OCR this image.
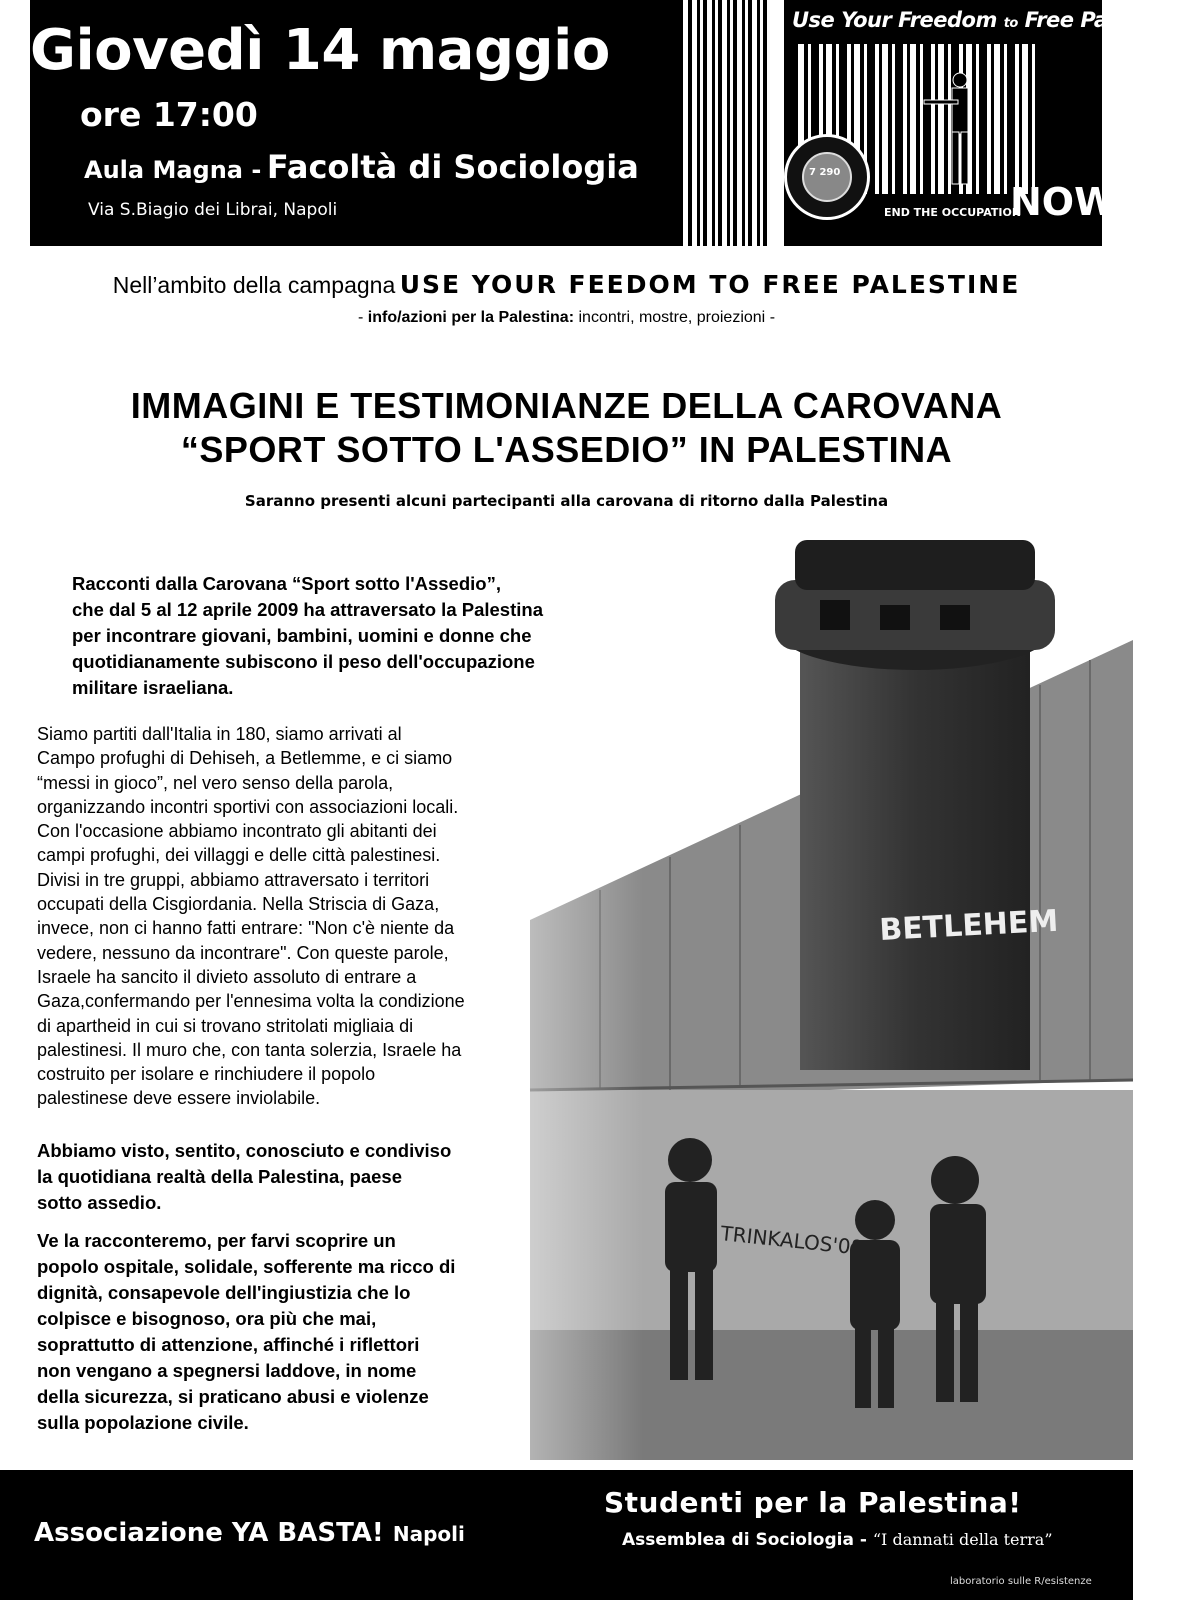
Giovedì 14 maggio
ore 17:00
Aula Magna - Facoltà di Sociologia
Via S.Biagio dei Librai, Napoli
Use Your Freedom to Free Palestine
7 290
END THE OCCUPATION
NOW
Nell’ambito della campagna USE YOUR FEEDOM TO FREE PALESTINE
- info/azioni per la Palestina: incontri, mostre, proiezioni -
IMMAGINI E TESTIMONIANZE DELLA CAROVANA
“SPORT SOTTO L'ASSEDIO” IN PALESTINA
Saranno presenti alcuni partecipanti alla carovana di ritorno dalla Palestina
Racconti dalla Carovana “Sport sotto l'Assedio”,
che dal 5 al 12 aprile 2009 ha attraversato la Palestina
per incontrare giovani, bambini, uomini e donne che
quotidianamente subiscono il peso dell'occupazione
militare israeliana.
Siamo partiti dall'Italia in 180, siamo arrivati al
Campo profughi di Dehiseh, a Betlemme, e ci siamo
“messi in gioco”, nel vero senso della parola,
organizzando incontri sportivi con associazioni locali.
Con l'occasione abbiamo incontrato gli abitanti dei
campi profughi, dei villaggi e delle città palestinesi.
Divisi in tre gruppi, abbiamo attraversato i territori
occupati della Cisgiordania. Nella Striscia di Gaza,
invece, non ci hanno fatti entrare: "Non c'è niente da
vedere, nessuno da incontrare". Con queste parole,
Israele ha sancito il divieto assoluto di entrare a
Gaza,confermando per l'ennesima volta la condizione
di apartheid in cui si trovano stritolati migliaia di
palestinesi. Il muro che, con tanta solerzia, Israele ha
costruito per isolare e rinchiudere il popolo
palestinese deve essere inviolabile.
Abbiamo visto, sentito, conosciuto e condiviso
la quotidiana realtà della Palestina, paese
sotto assedio.
Ve la racconteremo, per farvi scoprire un
popolo ospitale, solidale, sofferente ma ricco di
dignità, consapevole dell'ingiustizia che lo
colpisce e bisognoso, ora più che mai,
soprattutto di attenzione, affinché i riflettori
non vengano a spegnersi laddove, in nome
della sicurezza, si praticano abusi e violenze
sulla popolazione civile.
Associazione YA BASTA! Napoli
Studenti per la Palestina!
Assemblea di Sociologia - “I dannati della terra”
laboratorio sulle R/esistenze
